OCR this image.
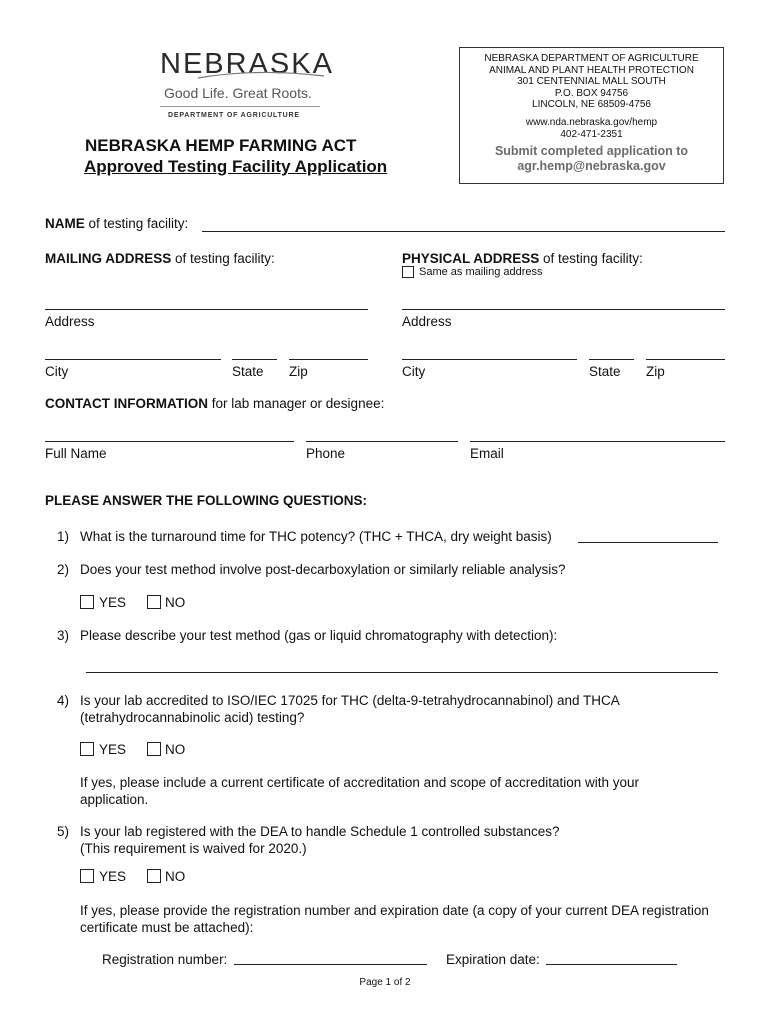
NEBRASKA
Good Life. Great Roots.
DEPARTMENT OF AGRICULTURE
NEBRASKA HEMP FARMING ACT
Approved Testing Facility Application
NEBRASKA DEPARTMENT OF AGRICULTURE
ANIMAL AND PLANT HEALTH PROTECTION
301 CENTENNIAL MALL SOUTH
P.O. BOX 94756
LINCOLN, NE 68509-4756
www.nda.nebraska.gov/hemp
402-471-2351
Submit completed application to
agr.hemp@nebraska.gov
NAME of testing facility:
MAILING ADDRESS of testing facility:	PHYSICAL ADDRESS of testing facility:
Same as mailing address
Address	Address
City	State Zip	City	State Zip
CONTACT INFORMATION for lab manager or designee:
Full Name	Phone	Email
PLEASE ANSWER THE FOLLOWING QUESTIONS:
1) What is the turnaround time for THC potency? (THC + THCA, dry weight basis)
2) Does your test method involve post-decarboxylation or similarly reliable analysis?
YES	NO
3) Please describe your test method (gas or liquid chromatography with detection):
4) Is your lab accredited to ISO/IEC 17025 for THC (delta-9-tetrahydrocannabinol) and THCA
(tetrahydrocannabinolic acid) testing?
YES	NO
If yes, please include a current certificate of accreditation and scope of accreditation with your
application.
5) Is your lab registered with the DEA to handle Schedule 1 controlled substances?
(This requirement is waived for 2020.)
YES	NO
If yes, please provide the registration number and expiration date (a copy of your current DEA registration
certificate must be attached):
Registration number:	Expiration date:
Page 1 of 2
